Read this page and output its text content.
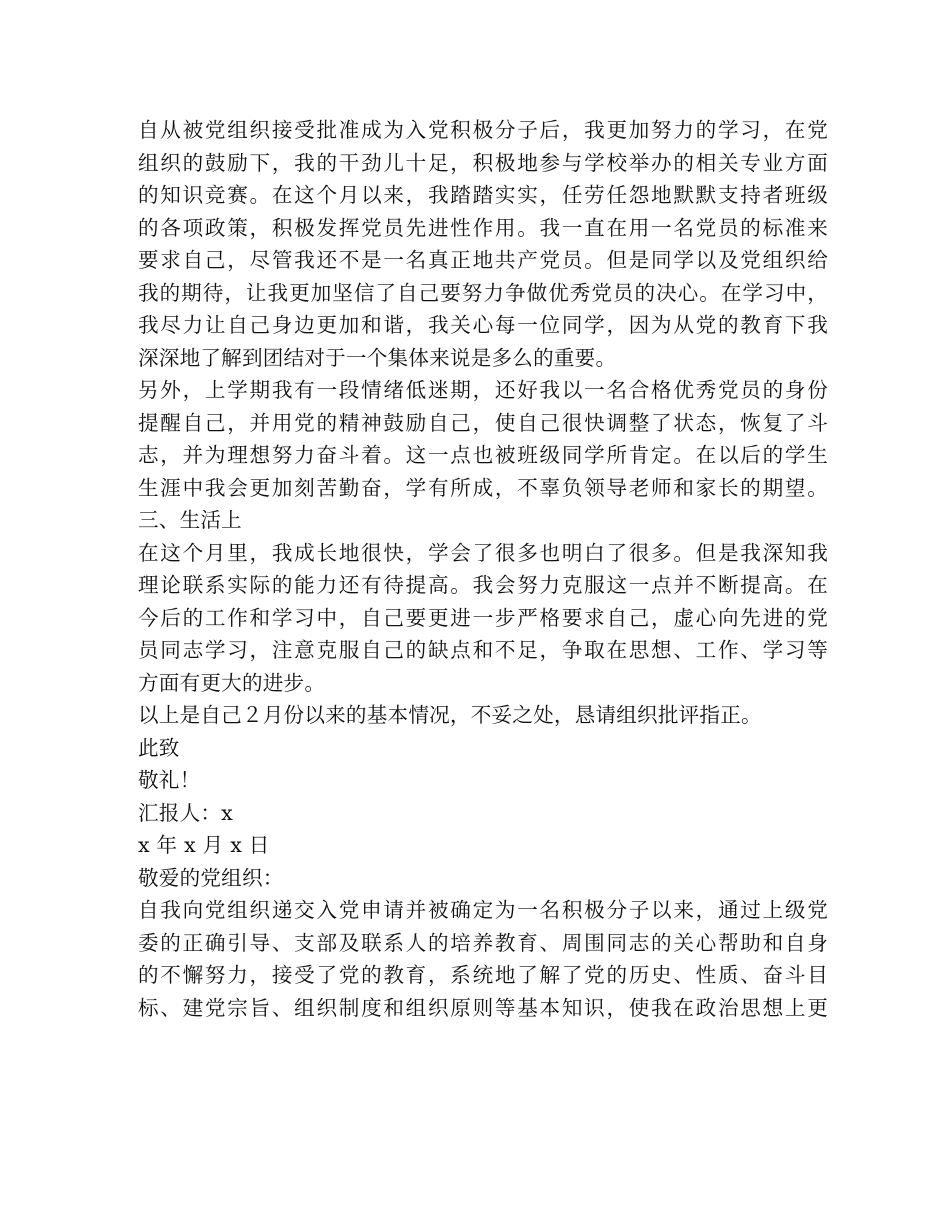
自从被党组织接受批准成为入党积极分子后，我更加努力的学习，在党
组织的鼓励下，我的干劲儿十足，积极地参与学校举办的相关专业方面
的知识竞赛。在这个月以来，我踏踏实实，任劳任怨地默默支持者班级
的各项政策，积极发挥党员先进性作用。我一直在用一名党员的标准来
要求自己，尽管我还不是一名真正地共产党员。但是同学以及党组织给
我的期待，让我更加坚信了自己要努力争做优秀党员的决心。在学习中，
我尽力让自己身边更加和谐，我关心每一位同学，因为从党的教育下我
深深地了解到团结对于一个集体来说是多么的重要。
另外，上学期我有一段情绪低迷期，还好我以一名合格优秀党员的身份
提醒自己，并用党的精神鼓励自己，使自己很快调整了状态，恢复了斗
志，并为理想努力奋斗着。这一点也被班级同学所肯定。在以后的学生
生涯中我会更加刻苦勤奋，学有所成，不辜负领导老师和家长的期望。
三、生活上
在这个月里，我成长地很快，学会了很多也明白了很多。但是我深知我
理论联系实际的能力还有待提高。我会努力克服这一点并不断提高。在
今后的工作和学习中，自己要更进一步严格要求自己，虚心向先进的党
员同志学习，注意克服自己的缺点和不足，争取在思想、工作、学习等
方面有更大的进步。
以上是自己２月份以来的基本情况，不妥之处，恳请组织批评指正。
此致
敬礼！
汇报人：x
x 年 x 月 x 日
敬爱的党组织：
自我向党组织递交入党申请并被确定为一名积极分子以来，通过上级党
委的正确引导、支部及联系人的培养教育、周围同志的关心帮助和自身
的不懈努力，接受了党的教育，系统地了解了党的历史、性质、奋斗目
标、建党宗旨、组织制度和组织原则等基本知识，使我在政治思想上更
